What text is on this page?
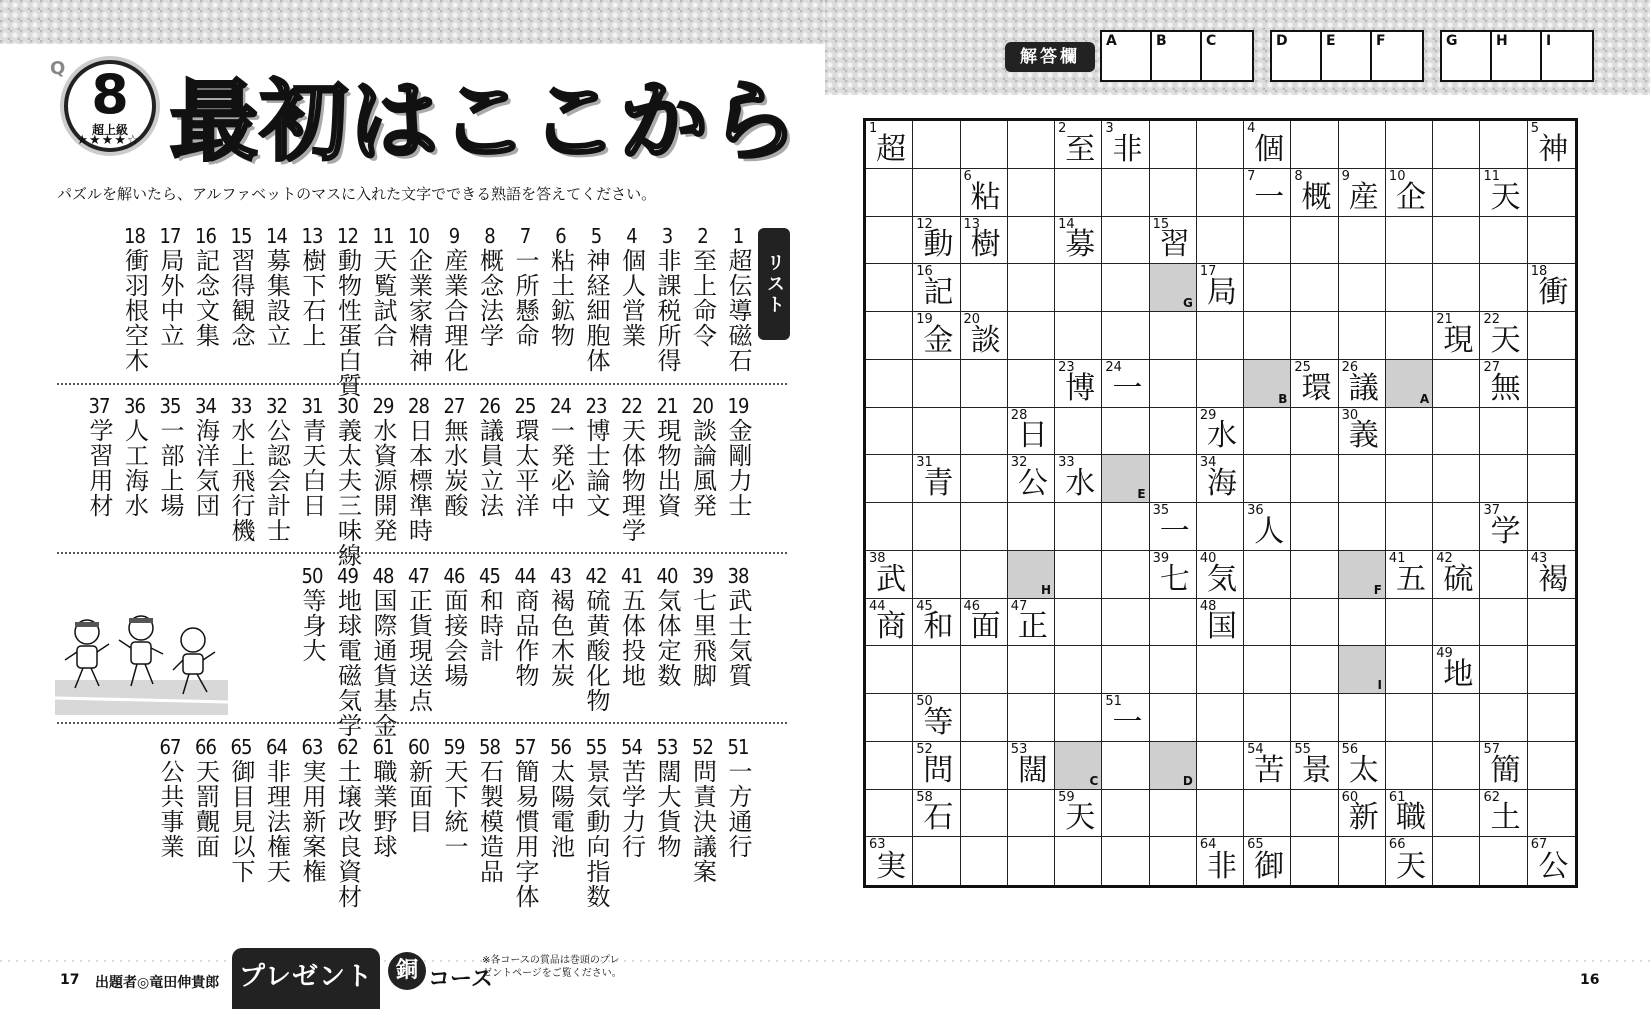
Q 8
超上級
★★★★☆ 最初はここから
パズルを解いたら、アルファベットのマスに入れた文字でできる熟語を答えてください。
リスト
1
超伝導磁石
2
至上命令
3
非課税所得
4
個人営業
5
神経細胞体
6
粘土鉱物
7
一所懸命
8
概念法学
9
産業合理化
10
企業家精神
11
天覧試合
12
動物性蛋白質
13
樹下石上
14
募集設立
15
習得観念
16
記念文集
17
局外中立
18
衝羽根空木
19
金剛力士
20
談論風発
21
現物出資
22
天体物理学
23
博士論文
24
一発必中
25
環太平洋
26
議員立法
27
無水炭酸
28
日本標準時
29
水資源開発
30
義太夫三味線
31
青天白日
32
公認会計士
33
水上飛行機
34
海洋気団
35
一部上場
36
人工海水
37
学習用材
38
武士気質
39
七里飛脚
40
気体定数
41
五体投地
42
硫黄酸化物
43
褐色木炭
44
商品作物
45
和時計
46
面接会場
47
正貨現送点
48
国際通貨基金
49
地球電磁気学
50
等身大
51
一方通行
52
問責決議案
53
闊大貨物
54
苦学力行
55
景気動向指数
56
太陽電池
57
簡易慣用字体
58
石製模造品
59
天下統一
60
新面目
61
職業野球
62
土壌改良資材
63
実用新案権
64
非理法権天
65
御目見以下
66
天罰覿面
67
公共事業
解答欄
A	B	C	D	E	F	G	H	I
1
超
2
至
3
非
4
個
5
神
6
粘
7
一
8
概
9
産
10
企
11
天
12
動
13
樹
14
募
15
習
16
記	G
17
局
18
衝
19
金
20
談
21
現
22
天
23
博
24
一	B
25
環
26
議	A
27
無
28
日
29
水
30
義
31
青
32
公
33
水	E
34
海
35
一
36
人
37
学
38
武	H
39
七
40
気	F
41
五
42
硫
43
褐
44
商
45
和
46
面
47
正
48
国
I
49
地
50
等
51
一
52
問
53
闊	C	D
54
苦
55
景
56
太
57
簡
58
石
59
天
60
新
61
職
62
土
63
実
64
非
65
御
66
天
67
公
17 出題者◎竜田伸貴郎 プレゼント	銅 コース
※各コースの賞品は巻頭のプレゼントページをご覧ください。	16
